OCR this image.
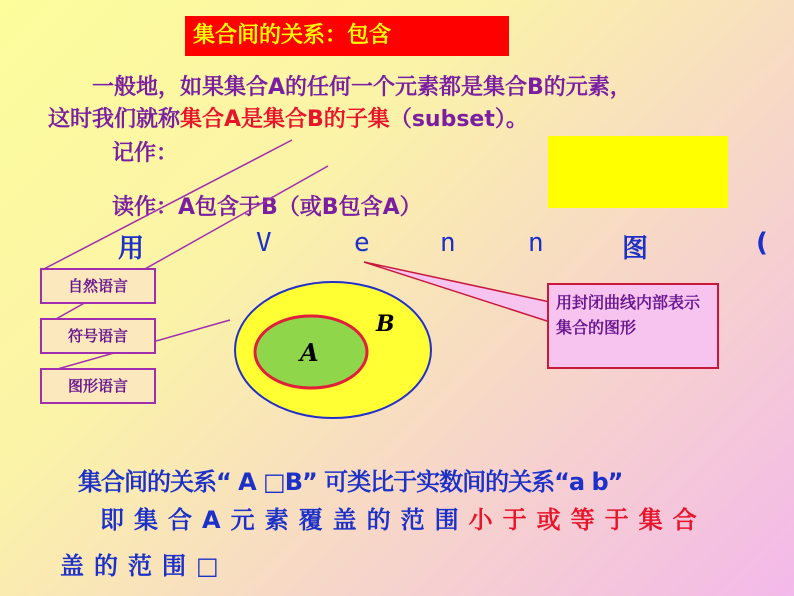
集合间的关系：包含
一般地，如果集合A的任何一个元素都是集合B的元素，
这时我们就称集合A是集合B的子集（subset）。
记作：
读作：A包含于B（或B包含A）
用	V	e	n	n	图	(
B
A
自然语言
符号语言
图形语言
用封闭曲线内部表示集合的图形
集合间的关系“ A □B” 可类比于实数间的关系“a b”
即集合A元素覆盖的范围小于或等于集合
盖的范围□
